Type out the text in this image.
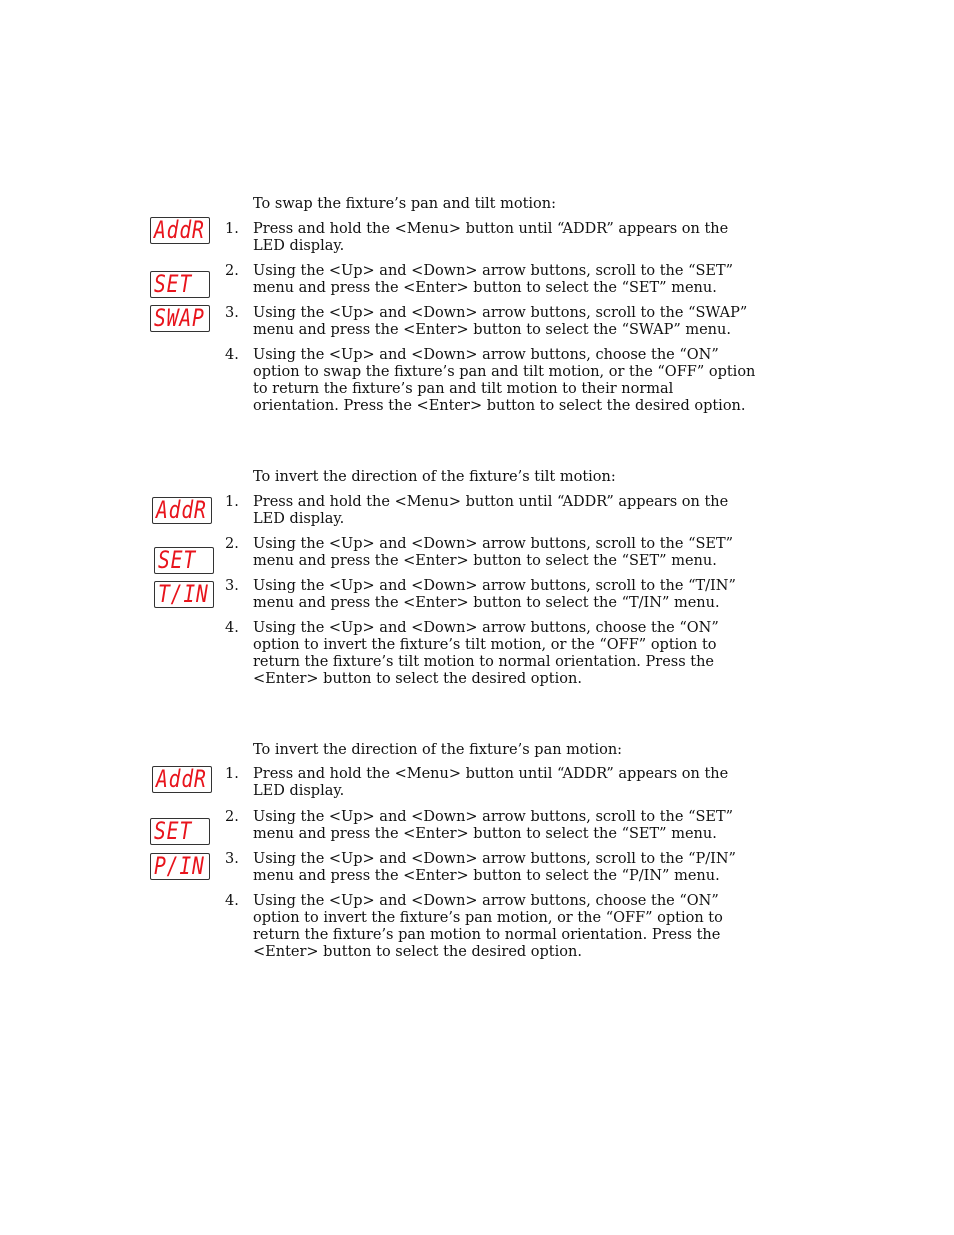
To swap the fixture’s pan and tilt motion:
AddR
SET
SWAP
1. Press and hold the <Menu> button until “ADDR” appears on the LED display.
2. Using the <Up> and <Down> arrow buttons, scroll to the “SET” menu and press the <Enter> button to select the “SET” menu.
3. Using the <Up> and <Down> arrow buttons, scroll to the “SWAP” menu and press the <Enter> button to select the “SWAP” menu.
4. Using the <Up> and <Down> arrow buttons, choose the “ON” option to swap the fixture’s pan and tilt motion, or the “OFF” option to return the fixture’s pan and tilt motion to their normal orientation. Press the <Enter> button to select the desired option.
To invert the direction of the fixture’s tilt motion:
AddR
SET
T/IN
1. Press and hold the <Menu> button until “ADDR” appears on the LED display.
2. Using the <Up> and <Down> arrow buttons, scroll to the “SET” menu and press the <Enter> button to select the “SET” menu.
3. Using the <Up> and <Down> arrow buttons, scroll to the “T/IN” menu and press the <Enter> button to select the “T/IN” menu.
4. Using the <Up> and <Down> arrow buttons, choose the “ON” option to invert the fixture’s tilt motion, or the “OFF” option to return the fixture’s tilt motion to normal orientation. Press the <Enter> button to select the desired option.
To invert the direction of the fixture’s pan motion:
AddR
SET
P/IN
1. Press and hold the <Menu> button until “ADDR” appears on the LED display.
2. Using the <Up> and <Down> arrow buttons, scroll to the “SET” menu and press the <Enter> button to select the “SET” menu.
3. Using the <Up> and <Down> arrow buttons, scroll to the “P/IN” menu and press the <Enter> button to select the “P/IN” menu.
4. Using the <Up> and <Down> arrow buttons, choose the “ON” option to invert the fixture’s pan motion, or the “OFF” option to return the fixture’s pan motion to normal orientation. Press the <Enter> button to select the desired option.
